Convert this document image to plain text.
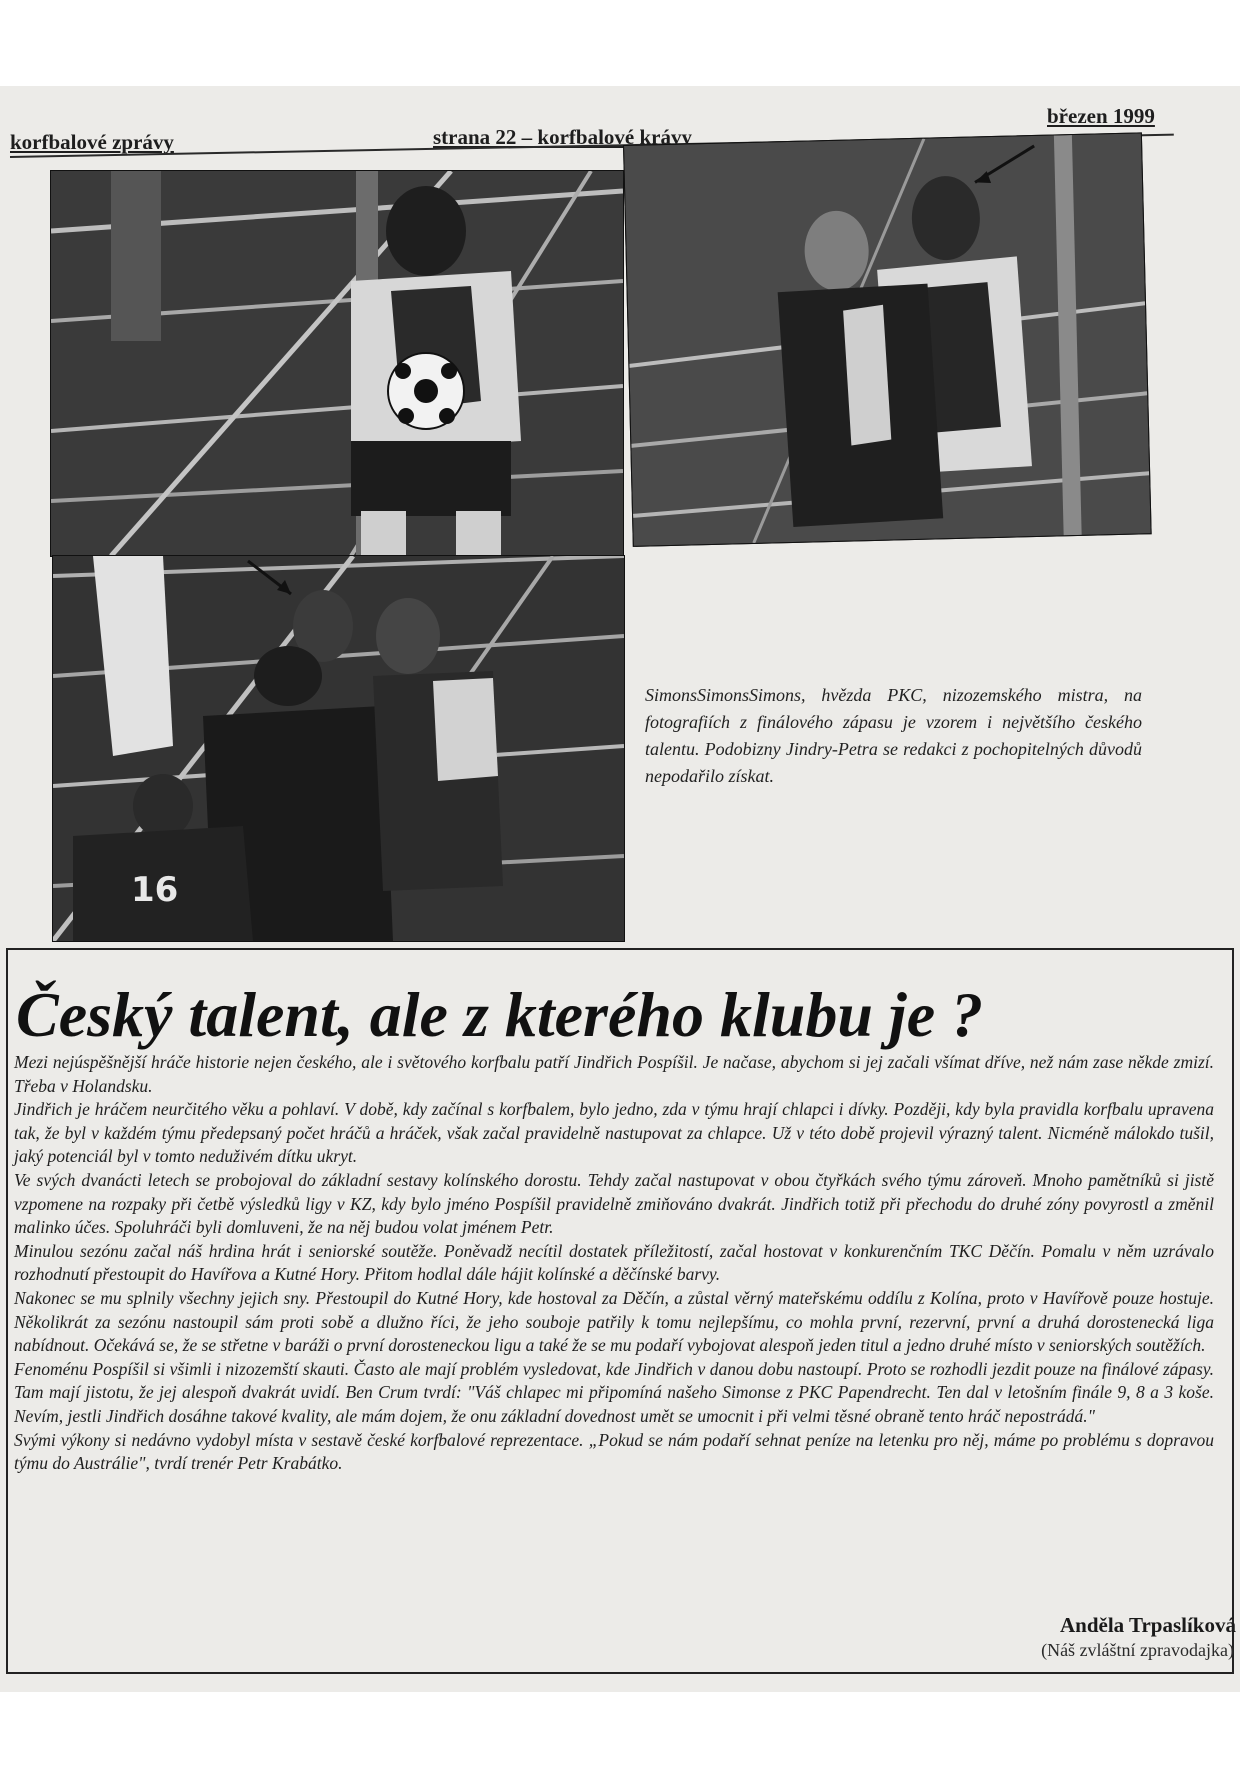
korfbalové zprávy	strana 22 – korfbalové krávy
březen 1999
16
SimonsSimonsSimons, hvězda PKC, nizozemského mistra, na fotografiích z finálového zápasu je vzorem i největšího českého talentu. Podobizny Jindry-Petra se redakci z pochopitelných důvodů nepodařilo získat.
Český talent, ale z kterého klubu je ?

Mezi nejúspěšnější hráče historie nejen českého, ale i světového korfbalu patří Jindřich Pospíšil. Je načase, abychom si jej začali všímat dříve, než nám zase někde zmizí. Třeba v Holandsku.

Jindřich je hráčem neurčitého věku a pohlaví. V době, kdy začínal s korfbalem, bylo jedno, zda v týmu hrají chlapci i dívky. Později, kdy byla pravidla korfbalu upravena tak, že byl v každém týmu předepsaný počet hráčů a hráček, však začal pravidelně nastupovat za chlapce. Už v této době projevil výrazný talent. Nicméně málokdo tušil, jaký potenciál byl v tomto neduživém dítku ukryt.

Ve svých dvanácti letech se probojoval do základní sestavy kolínského dorostu. Tehdy začal nastupovat v obou čtyřkách svého týmu zároveň. Mnoho pamětníků si jistě vzpomene na rozpaky při četbě výsledků ligy v KZ, kdy bylo jméno Pospíšil pravidelně zmiňováno dvakrát. Jindřich totiž při přechodu do druhé zóny povyrostl a změnil malinko účes. Spoluhráči byli domluveni, že na něj budou volat jménem Petr.

Minulou sezónu začal náš hrdina hrát i seniorské soutěže. Poněvadž necítil dostatek příležitostí, začal hostovat v konkurenčním TKC Děčín. Pomalu v něm uzrávalo rozhodnutí přestoupit do Havířova a Kutné Hory. Přitom hodlal dále hájit kolínské a děčínské barvy.

Nakonec se mu splnily všechny jejich sny. Přestoupil do Kutné Hory, kde hostoval za Děčín, a zůstal věrný mateřskému oddílu z Kolína, proto v Havířově pouze hostuje. Několikrát za sezónu nastoupil sám proti sobě a dlužno říci, že jeho souboje patřily k tomu nejlepšímu, co mohla první, rezervní, první a druhá dorostenecká liga nabídnout. Očekává se, že se střetne v baráži o první dorosteneckou ligu a také že se mu podaří vybojovat alespoň jeden titul a jedno druhé místo v seniorských soutěžích.

Fenoménu Pospíšil si všimli i nizozemští skauti. Často ale mají problém vysledovat, kde Jindřich v danou dobu nastoupí. Proto se rozhodli jezdit pouze na finálové zápasy. Tam mají jistotu, že jej alespoň dvakrát uvidí. Ben Crum tvrdí: "Váš chlapec mi připomíná našeho Simonse z PKC Papendrecht. Ten dal v letošním finále 9, 8 a 3 koše. Nevím, jestli Jindřich dosáhne takové kvality, ale mám dojem, že onu základní dovednost umět se umocnit i při velmi těsné obraně tento hráč nepostrádá."

Svými výkony si nedávno vydobyl místa v sestavě české korfbalové reprezentace. „Pokud se nám podaří sehnat peníze na letenku pro něj, máme po problému s dopravou týmu do Austrálie", tvrdí trenér Petr Krabátko.

Anděla Trpaslíková
(Náš zvláštní zpravodajka)
